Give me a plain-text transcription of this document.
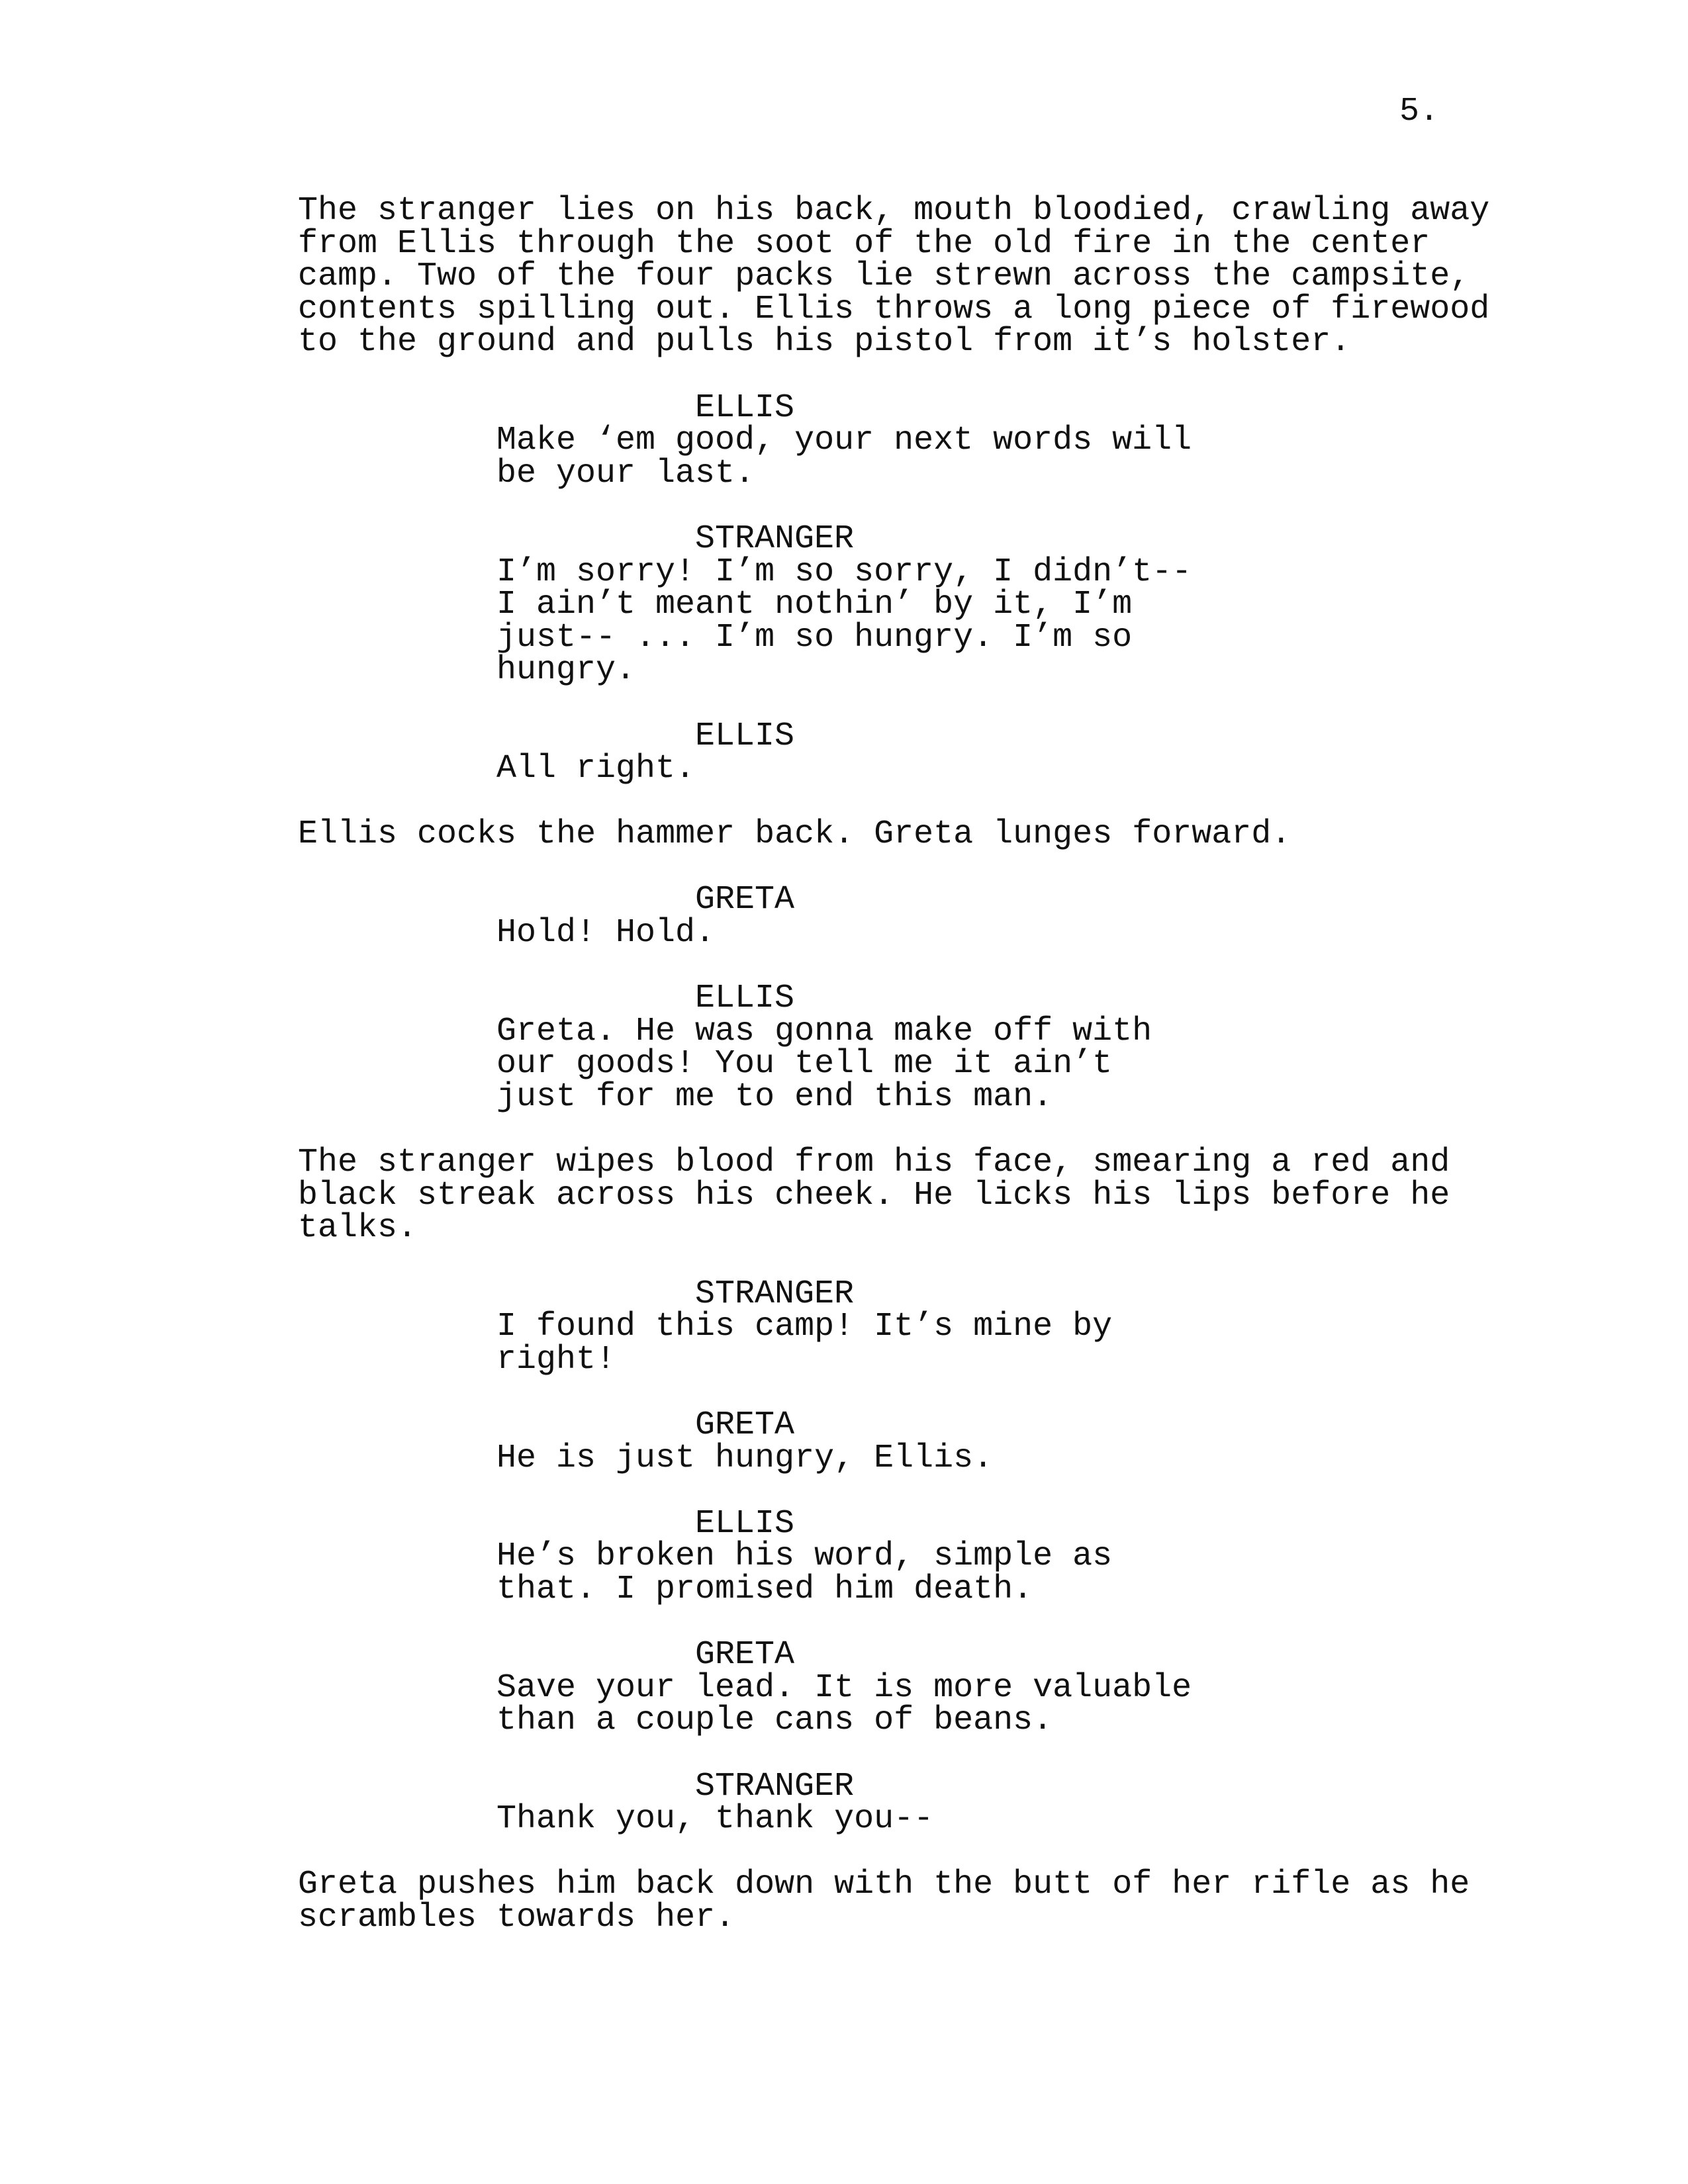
5.

The stranger lies on his back, mouth bloodied, crawling away

from Ellis through the soot of the old fire in the center

camp. Two of the four packs lie strewn across the campsite,

contents spilling out. Ellis throws a long piece of firewood

to the ground and pulls his pistol from it’s holster.

ELLIS

Make ‘em good, your next words will

be your last.

STRANGER

I’m sorry! I’m so sorry, I didn’t--

I ain’t meant nothin’ by it, I’m

just-- ... I’m so hungry. I’m so

hungry.

ELLIS

All right.

Ellis cocks the hammer back. Greta lunges forward.

GRETA

Hold! Hold.

ELLIS

Greta. He was gonna make off with

our goods! You tell me it ain’t

just for me to end this man.

The stranger wipes blood from his face, smearing a red and

black streak across his cheek. He licks his lips before he

talks.

STRANGER

I found this camp! It’s mine by

right!

GRETA

He is just hungry, Ellis.

ELLIS

He’s broken his word, simple as

that. I promised him death.

GRETA

Save your lead. It is more valuable

than a couple cans of beans.

STRANGER

Thank you, thank you--

Greta pushes him back down with the butt of her rifle as he

scrambles towards her.
